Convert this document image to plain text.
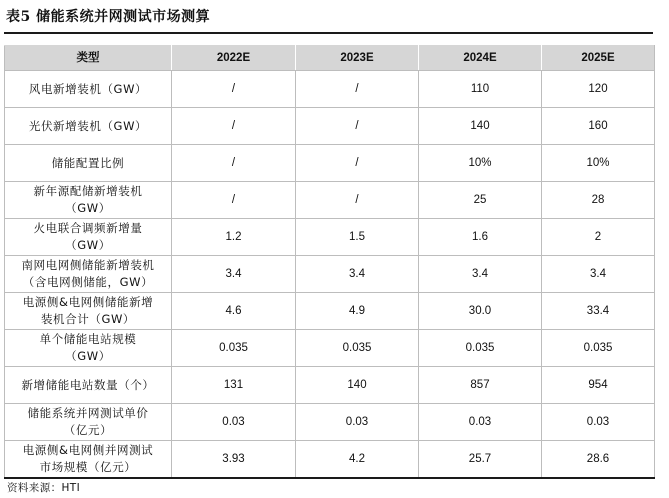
表5 储能系统并网测试市场测算
类型	2022E	2023E	2024E	2025E
风电新增装机（GW）	/	/	110	120
光伏新增装机（GW）	/	/	140	160
储能配置比例	/	/	10%	10%
新年源配储新增装机
（GW）	/	/	25	28
火电联合调频新增量
（GW）	1.2	1.5	1.6	2
南网电网侧储能新增装机
（含电网侧储能，GW）	3.4	3.4	3.4	3.4
电源侧&电网侧储能新增
装机合计（GW）	4.6	4.9	30.0	33.4
单个储能电站规模
（GW）	0.035	0.035	0.035	0.035
新增储能电站数量（个）	131	140	857	954
储能系统并网测试单价
（亿元）	0.03	0.03	0.03	0.03
电源侧&电网侧并网测试
市场规模（亿元）	3.93	4.2	25.7	28.6
资料来源：HTI
